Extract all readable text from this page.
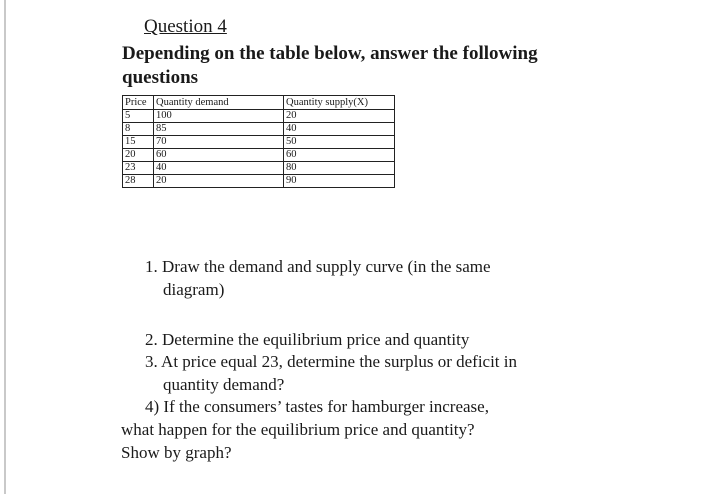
Question 4
Depending on the table below, answer the following questions
Price	Quantity demand	Quantity supply(X)
5	100	20
8	85	40
15	70	50
20	60	60
23	40	80
28	20	90
1. Draw the demand and supply curve (in the same
diagram)
2. Determine the equilibrium price and quantity
3. At price equal 23, determine the surplus or deficit in
quantity demand?
4) If the consumers’ tastes for hamburger increase,
what happen for the equilibrium price and quantity?
Show by graph?
